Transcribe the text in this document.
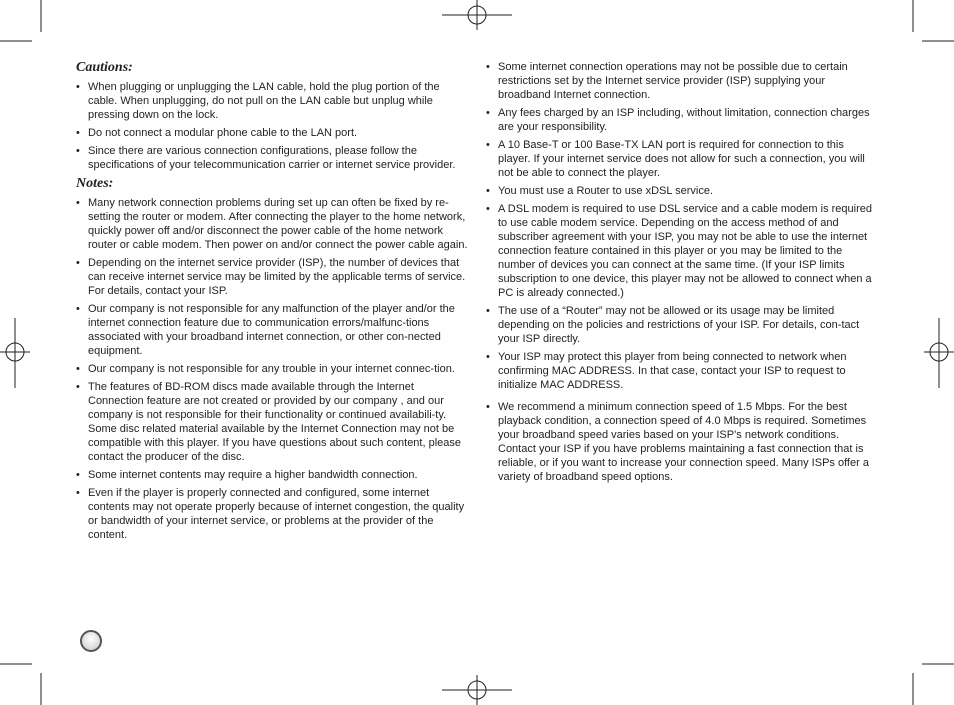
Cautions:
• When plugging or unplugging the LAN cable, hold the plug portion of the cable. When unplugging, do not pull on the LAN cable but unplug while pressing down on the lock.
• Do not connect a modular phone cable to the LAN port.
• Since there are various connection configurations, please follow the specifications of your telecommunication carrier or internet service provider.
Notes:
• Many network connection problems during set up can often be fixed by re-setting the router or modem. After connecting the player to the home network, quickly power off and/or disconnect the power cable of the home network router or cable modem. Then power on and/or connect the power cable again.
• Depending on the internet service provider (ISP), the number of devices that can receive internet service may be limited by the applicable terms of service. For details, contact your ISP.
• Our company is not responsible for any malfunction of the player and/or the internet connection feature due to communication errors/malfunc-tions associated with your broadband internet connection, or other con-nected equipment.
• Our company is not responsible for any trouble in your internet connec-tion.
• The features of BD-ROM discs made available through the Internet Connection feature are not created or provided by our company , and our company is not responsible for their functionality or continued availabili-ty. Some disc related material available by the Internet Connection may not be compatible with this player. If you have questions about such content, please contact the producer of the disc.
• Some internet contents may require a higher bandwidth connection.
• Even if the player is properly connected and configured, some internet contents may not operate properly because of internet congestion, the quality or bandwidth of your internet service, or problems at the provider of the content.
• Some internet connection operations may not be possible due to certain restrictions set by the Internet service provider (ISP) supplying your broadband Internet connection.
• Any fees charged by an ISP including, without limitation, connection charges are your responsibility.
• A 10 Base-T or 100 Base-TX LAN port is required for connection to this player. If your internet service does not allow for such a connection, you will not be able to connect the player.
• You must use a Router to use xDSL service.
• A DSL modem is required to use DSL service and a cable modem is required to use cable modem service. Depending on the access method of and subscriber agreement with your ISP, you may not be able to use the internet connection feature contained in this player or you may be limited to the number of devices you can connect at the same time. (If your ISP limits subscription to one device, this player may not be allowed to connect when a PC is already connected.)
• The use of a “Router” may not be allowed or its usage may be limited depending on the policies and restrictions of your ISP. For details, con-tact your ISP directly.
• Your ISP may protect this player from being connected to network when confirming MAC ADDRESS. In that case, contact your ISP to request to initialize MAC ADDRESS.
• We recommend a minimum connection speed of 1.5 Mbps. For the best playback condition, a connection speed of 4.0 Mbps is required. Sometimes your broadband speed varies based on your ISP’s network conditions. Contact your ISP if you have problems maintaining a fast connection that is reliable, or if you want to increase your connection speed. Many ISPs offer a variety of broadband speed options.
